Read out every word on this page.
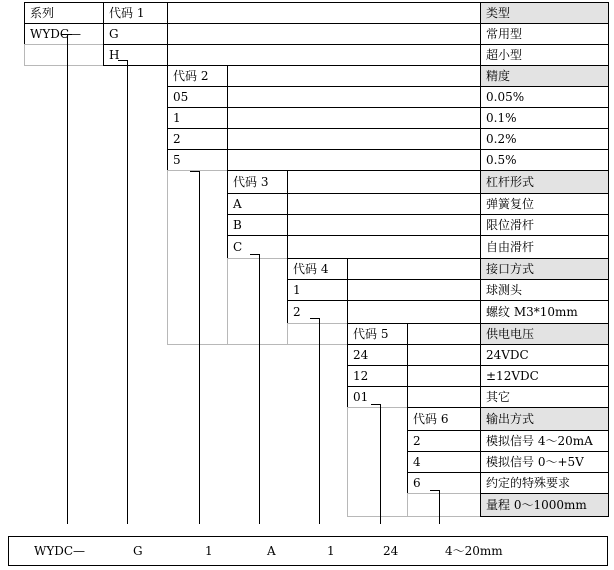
系列	代码 1	类型
WYDC—	G	常用型
H	超小型
代码 2	精度
05	0.05%
1	0.1%
2	0.2%
5	0.5%
代码 3	杠杆形式
A	弹簧复位
B	限位滑杆
C	自由滑杆
代码 4	接口方式
1	球测头
2	螺纹 M3*10mm
代码 5	供电电压
24	24VDC
12	±12VDC
01	其它
代码 6	输出方式
2	模拟信号 4～20mA
4	模拟信号 0～+5V
6	约定的特殊要求
量程 0～1000mm
WYDC—	G	1	A	1	24	4～20mm
